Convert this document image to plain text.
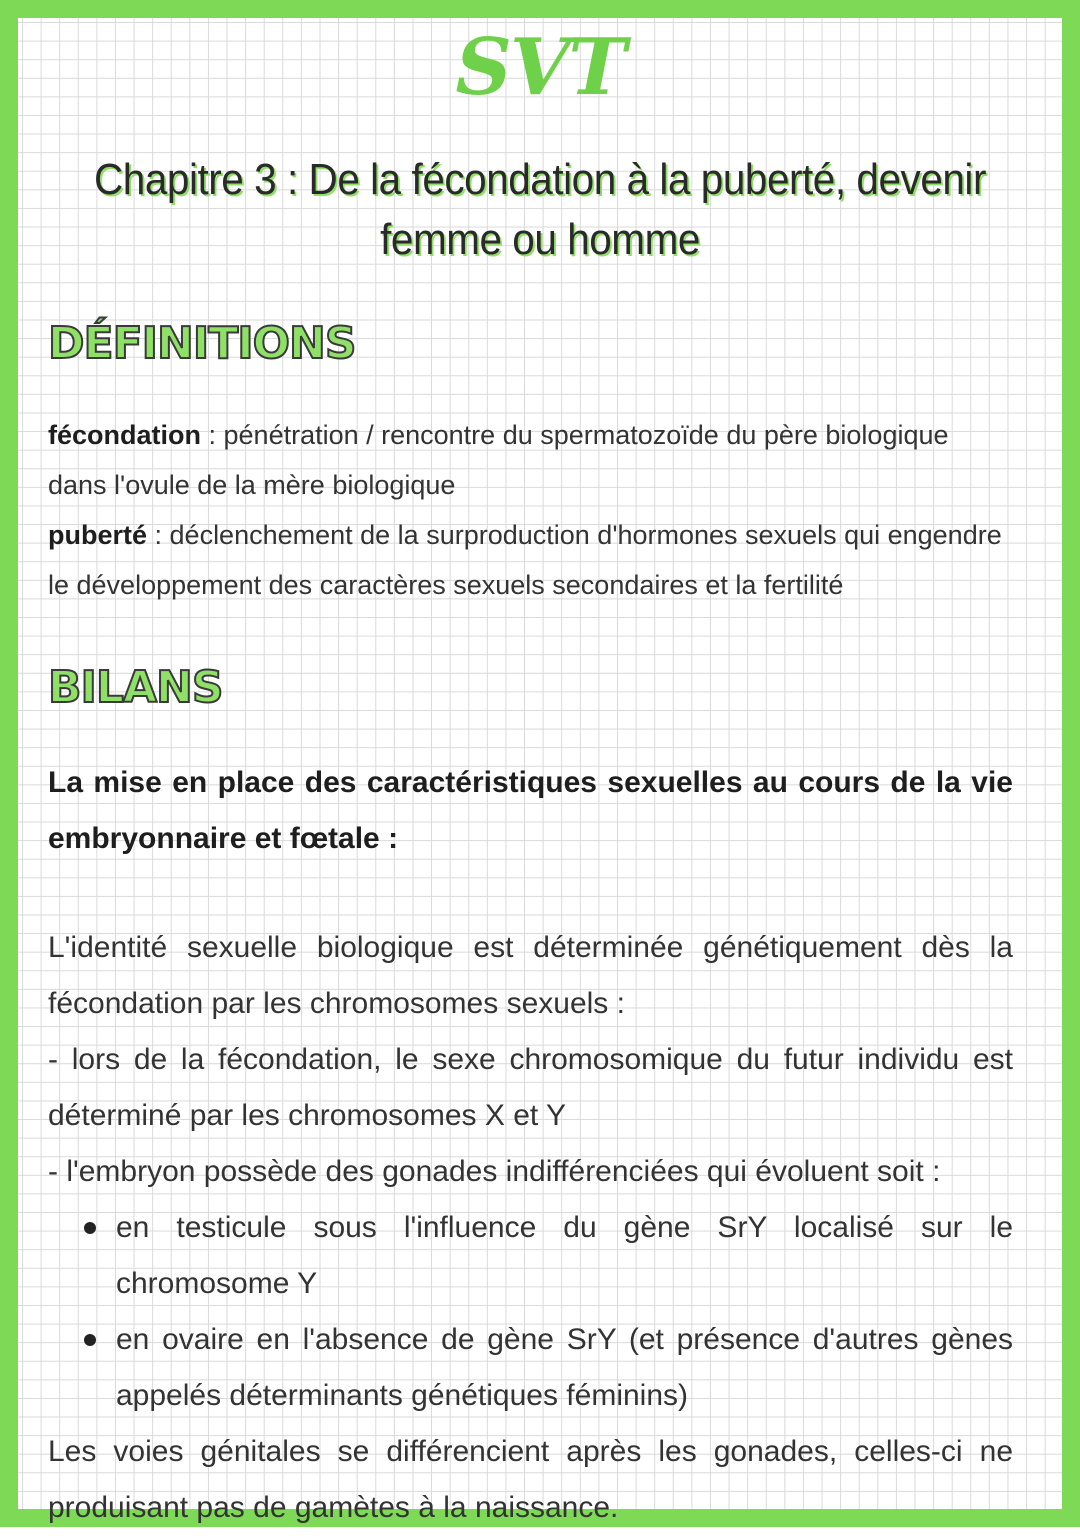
SVT
Chapitre 3 : De la fécondation à la puberté, devenir femme ou homme
DÉFINITIONS

fécondation : pénétration / rencontre du spermatozoïde du père biologique dans l'ovule de la mère biologique

puberté : déclenchement de la surproduction d'hormones sexuels qui engendre le développement des caractères sexuels secondaires et la fertilité

BILANS
La mise en place des caractéristiques sexuelles au cours de la vie embryonnaire et fœtale :

L'identité sexuelle biologique est déterminée génétiquement dès la fécondation par les chromosomes sexuels :

- lors de la fécondation, le sexe chromosomique du futur individu est déterminé par les chromosomes X et Y

- l'embryon possède des gonades indifférenciées qui évoluent soit :

en testicule sous l'influence du gène SrY localisé sur le chromosome Y
en ovaire en l'absence de gène SrY (et présence d'autres gènes appelés déterminants génétiques féminins)

Les voies génitales se différencient après les gonades, celles-ci ne produisant pas de gamètes à la naissance.
